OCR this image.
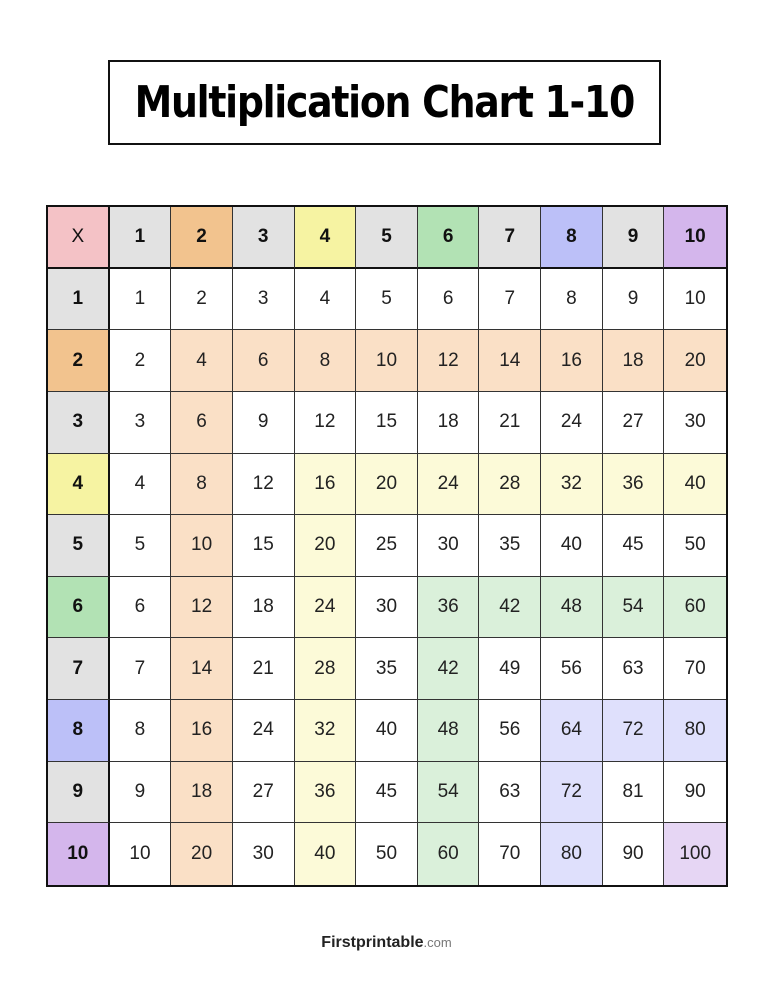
Multiplication Chart 1-10
X	1	2	3	4	5	6	7	8	9	10
1	1	2	3	4	5	6	7	8	9	10
2	2	4	6	8	10	12	14	16	18	20
3	3	6	9	12	15	18	21	24	27	30
4	4	8	12	16	20	24	28	32	36	40
5	5	10	15	20	25	30	35	40	45	50
6	6	12	18	24	30	36	42	48	54	60
7	7	14	21	28	35	42	49	56	63	70
8	8	16	24	32	40	48	56	64	72	80
9	9	18	27	36	45	54	63	72	81	90
10	10	20	30	40	50	60	70	80	90	100
Firstprintable.com
